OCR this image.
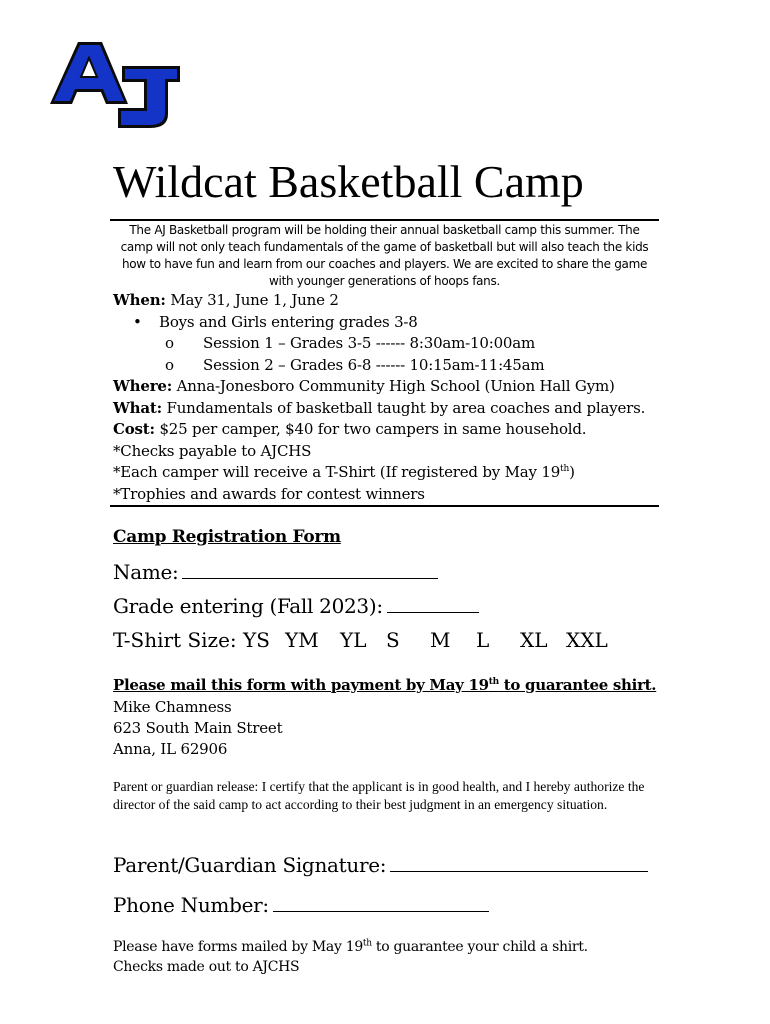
Wildcat Basketball Camp
The AJ Basketball program will be holding their annual basketball camp this summer. The camp will not only teach fundamentals of the game of basketball but will also teach the kids how to have fun and learn from our coaches and players. We are excited to share the game with younger generations of hoops fans.

When: May 31, June 1, June 2

• Boys and Girls entering grades 3-8

o Session 1 – Grades 3-5 ------ 8:30am-10:00am

o Session 2 – Grades 6-8 ------ 10:15am-11:45am

Where: Anna-Jonesboro Community High School (Union Hall Gym)

What: Fundamentals of basketball taught by area coaches and players.

Cost: $25 per camper, $40 for two campers in same household.

*Checks payable to AJCHS

*Each camper will receive a T-Shirt (If registered by May 19th)

*Trophies and awards for contest winners

Camp Registration Form
Name:
Grade entering (Fall 2023):
T-Shirt Size: YS YM YL S M L XL XXL
Please mail this form with payment by May 19th to guarantee shirt.

Mike Chamness

623 South Main Street

Anna, IL 62906

Parent or guardian release: I certify that the applicant is in good health, and I hereby authorize the director of the said camp to act according to their best judgment in an emergency situation.
Parent/Guardian Signature:
Phone Number:

Please have forms mailed by May 19th to guarantee your child a shirt.

Checks made out to AJCHS
